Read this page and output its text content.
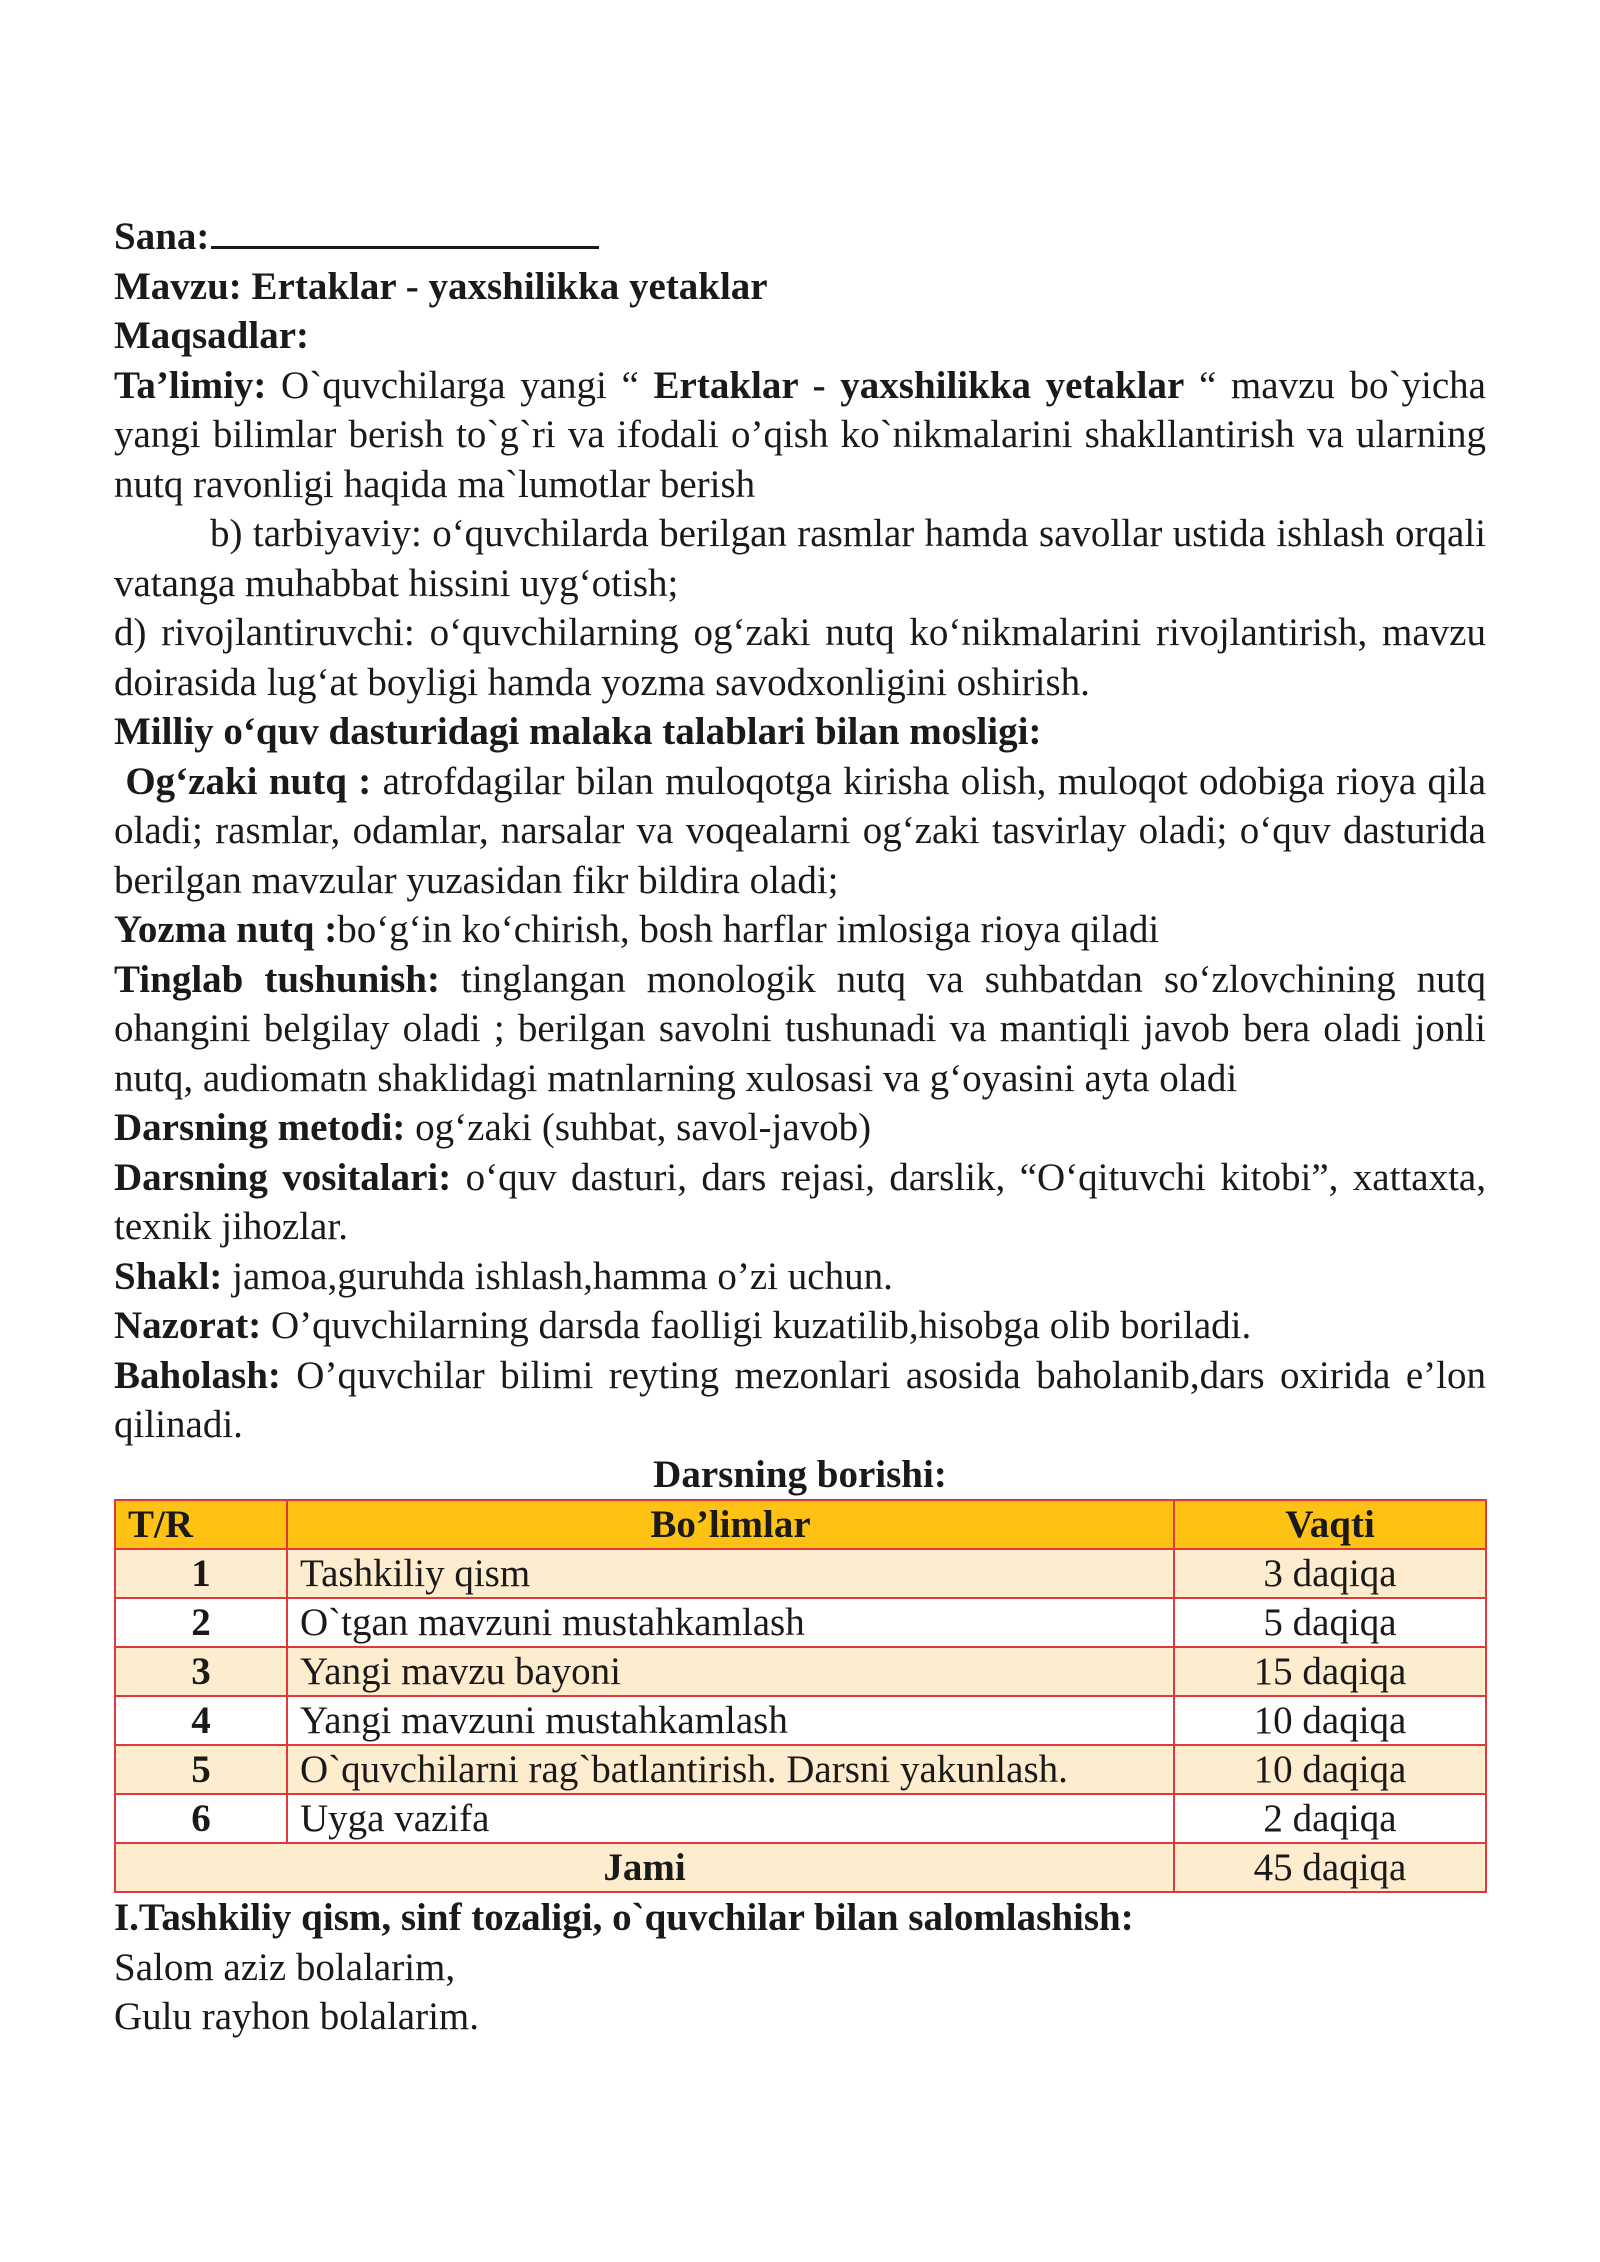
Sana:

Mavzu: Ertaklar - yaxshilikka yetaklar

Maqsadlar:

Ta’limiy: O`quvchilarga yangi “ Ertaklar - yaxshilikka yetaklar “ mavzu bo`yicha yangi bilimlar berish to`g`ri va ifodali o’qish ko`nikmalarini shakllantirish va ularning nutq ravonligi haqida ma`lumotlar berish

b) tarbiyaviy: o‘quvchilarda berilgan rasmlar hamda savollar ustida ishlash orqali vatanga muhabbat hissini uyg‘otish;

d) rivojlantiruvchi: o‘quvchilarning og‘zaki nutq ko‘nikmalarini rivojlantirish, mavzu doirasida lug‘at boyligi hamda yozma savodxonligini oshirish.

Milliy o‘quv dasturidagi malaka talablari bilan mosligi:

Og‘zaki nutq : atrofdagilar bilan muloqotga kirisha olish, muloqot odobiga rioya qila oladi; rasmlar, odamlar, narsalar va voqealarni og‘zaki tasvirlay oladi; o‘quv dasturida berilgan mavzular yuzasidan fikr bildira oladi;

Yozma nutq :bo‘g‘in ko‘chirish, bosh harflar imlosiga rioya qiladi

Tinglab tushunish: tinglangan monologik nutq va suhbatdan so‘zlovchining nutq ohangini belgilay oladi ; berilgan savolni tushunadi va mantiqli javob bera oladi jonli nutq, audiomatn shaklidagi matnlarning xulosasi va g‘oyasini ayta oladi

Darsning metodi: og‘zaki (suhbat, savol-javob)

Darsning vositalari: o‘quv dasturi, dars rejasi, darslik, “O‘qituvchi kitobi”, xattaxta, texnik jihozlar.

Shakl: jamoa,guruhda ishlash,hamma o’zi uchun.

Nazorat: O’quvchilarning darsda faolligi kuzatilib,hisobga olib boriladi.

Baholash: O’quvchilar bilimi reyting mezonlari asosida baholanib,dars oxirida e’lon qilinadi.

Darsning borishi:

T/R	Bo’limlar	Vaqti
1	Tashkiliy qism	3 daqiqa
2	O`tgan mavzuni mustahkamlash	5 daqiqa
3	Yangi mavzu bayoni	15 daqiqa
4	Yangi mavzuni mustahkamlash	10 daqiqa
5	O`quvchilarni rag`batlantirish. Darsni yakunlash.	10 daqiqa
6	Uyga vazifa	2 daqiqa
Jami		45 daqiqa

I.Tashkiliy qism, sinf tozaligi, o`quvchilar bilan salomlashish:

Salom aziz bolalarim,

Gulu rayhon bolalarim.
